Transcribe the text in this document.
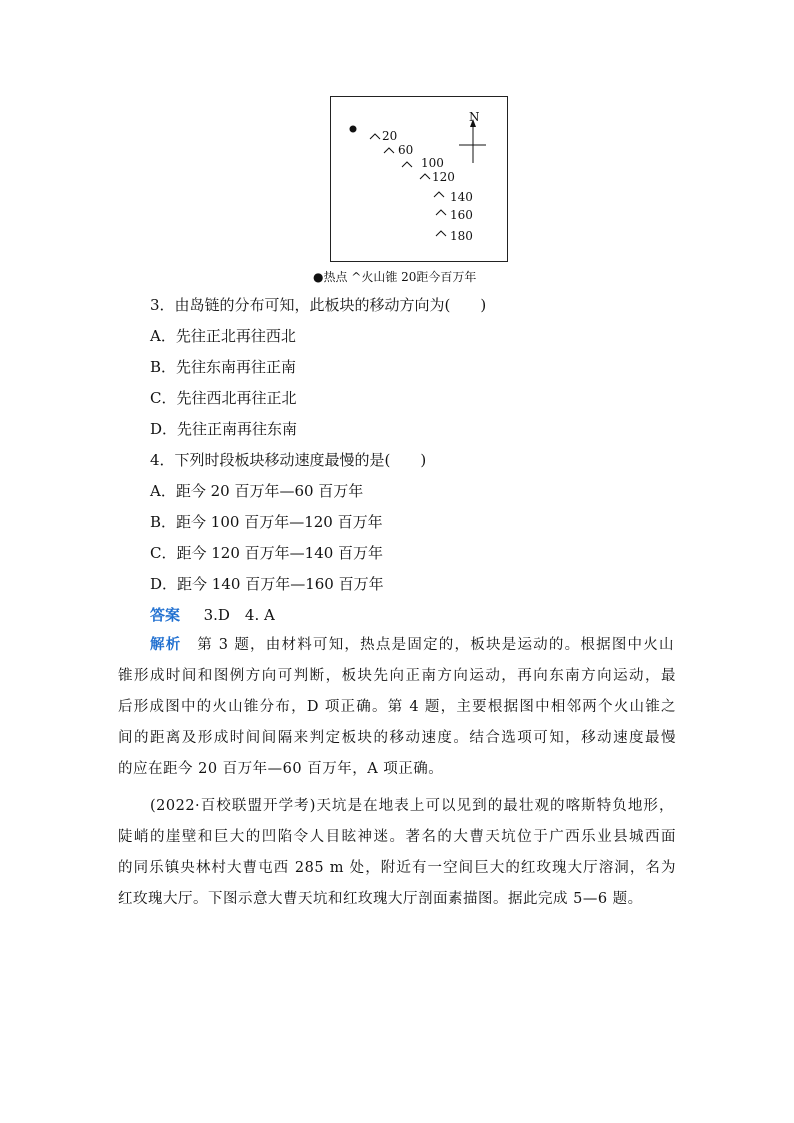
N
20
60
100
120
140
160
180
●热点 ^火山锥 20距今百万年
3．由岛链的分布可知，此板块的移动方向为(　　)
A．先往正北再往西北
B．先往东南再往正南
C．先往西北再往正北
D．先往正南再往东南
4．下列时段板块移动速度最慢的是(　　)
A．距今 20 百万年—60 百万年
B．距今 100 百万年—120 百万年
C．距今 120 百万年—140 百万年
D．距今 140 百万年—160 百万年
答案 3.D　4. A
解析　 第 3 题，由材料可知，热点是固定的，板块是运动的。根据图中火山
锥形成时间和图例方向可判断，板块先向正南方向运动，再向东南方向运动，最
后形成图中的火山锥分布，D 项正确。第 4 题，主要根据图中相邻两个火山锥之
间的距离及形成时间间隔来判定板块的移动速度。结合选项可知，移动速度最慢
的应在距今 20 百万年—60 百万年，A 项正确。
(2022·百校联盟开学考)天坑是在地表上可以见到的最壮观的喀斯特负地形，
陡峭的崖壁和巨大的凹陷令人目眩神迷。著名的大曹天坑位于广西乐业县城西面
的同乐镇央林村大曹屯西 285 m 处，附近有一空间巨大的红玫瑰大厅溶洞，名为
红玫瑰大厅。下图示意大曹天坑和红玫瑰大厅剖面素描图。据此完成 5—6 题。
